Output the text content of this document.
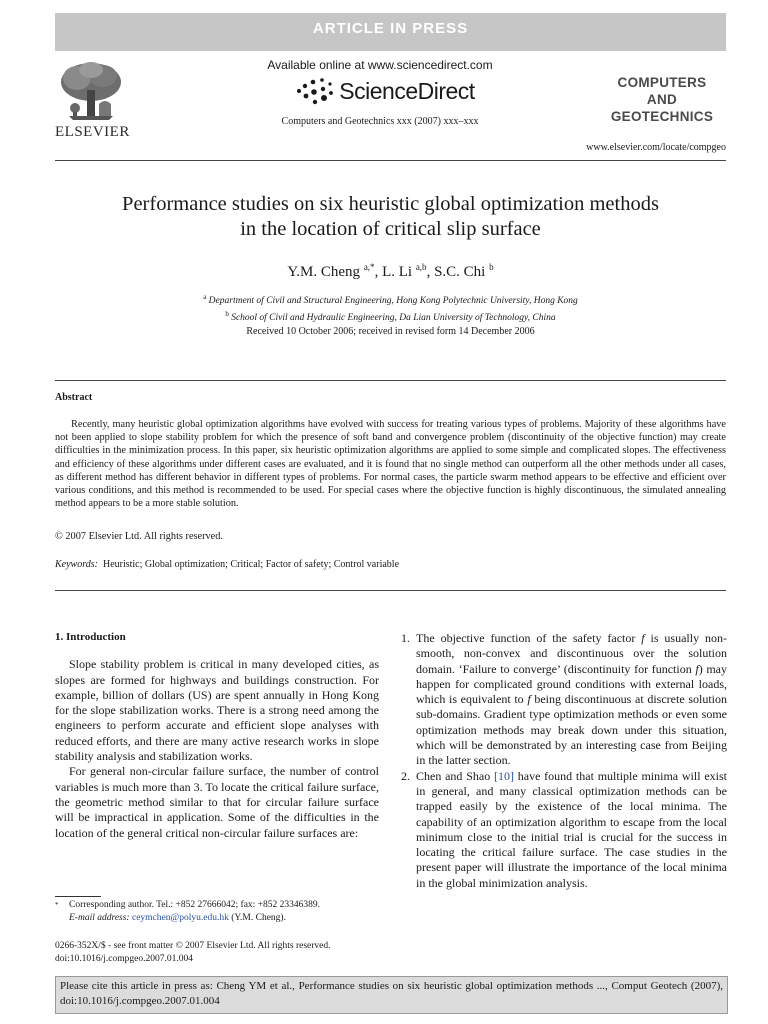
ARTICLE IN PRESS
ELSEVIER
Available online at www.sciencedirect.com
ScienceDirect
Computers and Geotechnics xxx (2007) xxx–xxx
COMPUTERS
AND
GEOTECHNICS
www.elsevier.com/locate/compgeo
Performance studies on six heuristic global optimization methods
in the location of critical slip surface
Y.M. Cheng $^{a,*}$, L. Li $^{a,b}$, S.C. Chi $^b$
$^a$ Department of Civil and Structural Engineering, Hong Kong Polytechnic University, Hong Kong
$^b$ School of Civil and Hydraulic Engineering, Da Lian University of Technology, China
Received 10 October 2006; received in revised form 14 December 2006
Abstract
Recently, many heuristic global optimization algorithms have evolved with success for treating various types of problems. Majority of these algorithms have not been applied to slope stability problem for which the presence of soft band and convergence problem (discontinuity of the objective function) may create difficulties in the minimization process. In this paper, six heuristic optimization algorithms are applied to some simple and complicated slopes. The effectiveness and efficiency of these algorithms under different cases are evaluated, and it is found that no single method can outperform all the other methods under all cases, as different method has different behavior in different types of problems. For normal cases, the particle swarm method appears to be effective and efficient over various conditions, and this method is recommended to be used. For special cases where the objective function is highly discontinuous, the simulated annealing method appears to be a more stable solution.
© 2007 Elsevier Ltd. All rights reserved.
Keywords: Heuristic; Global optimization; Critical; Factor of safety; Control variable
1. Introduction

Slope stability problem is critical in many developed cities, as slopes are formed for highways and buildings construction. For example, billion of dollars (US) are spent annually in Hong Kong for the slope stabilization works. There is a strong need among the engineers to perform accurate and efficient slope analyses with reduced efforts, and there are many active research works in slope stability analysis and stabilization works.

For general non-circular failure surface, the number of control variables is much more than 3. To locate the critical failure surface, the geometric method similar to that for circular failure surface will be impractical in application. Some of the difficulties in the location of the general critical non-circular failure surfaces are:

1. The objective function of the safety factor f is usually non-smooth, non-convex and discontinuous over the solution domain. ‘Failure to converge’ (discontinuity for function f) may happen for complicated ground conditions with external loads, which is equivalent to f being discontinuous at discrete solution sub-domains. Gradient type optimization methods or even some optimization methods may break down under this situation, which will be demonstrated by an interesting case from Beijing in the latter section.
2. Chen and Shao [10] have found that multiple minima will exist in general, and many classical optimization methods can be trapped easily by the existence of the local minima. The capability of an optimization algorithm to escape from the local minimum close to the initial trial is crucial for the success in locating the critical failure surface. The case studies in the present paper will illustrate the importance of the local minima in the global minimization analysis.
* Corresponding author. Tel.: +852 27666042; fax: +852 23346389.
E-mail address: ceymchen@polyu.edu.hk (Y.M. Cheng).
0266-352X/$ - see front matter © 2007 Elsevier Ltd. All rights reserved.
doi:10.1016/j.compgeo.2007.01.004
Please cite this article in press as: Cheng YM et al., Performance studies on six heuristic global optimization methods ..., Comput Geotech (2007), doi:10.1016/j.compgeo.2007.01.004
